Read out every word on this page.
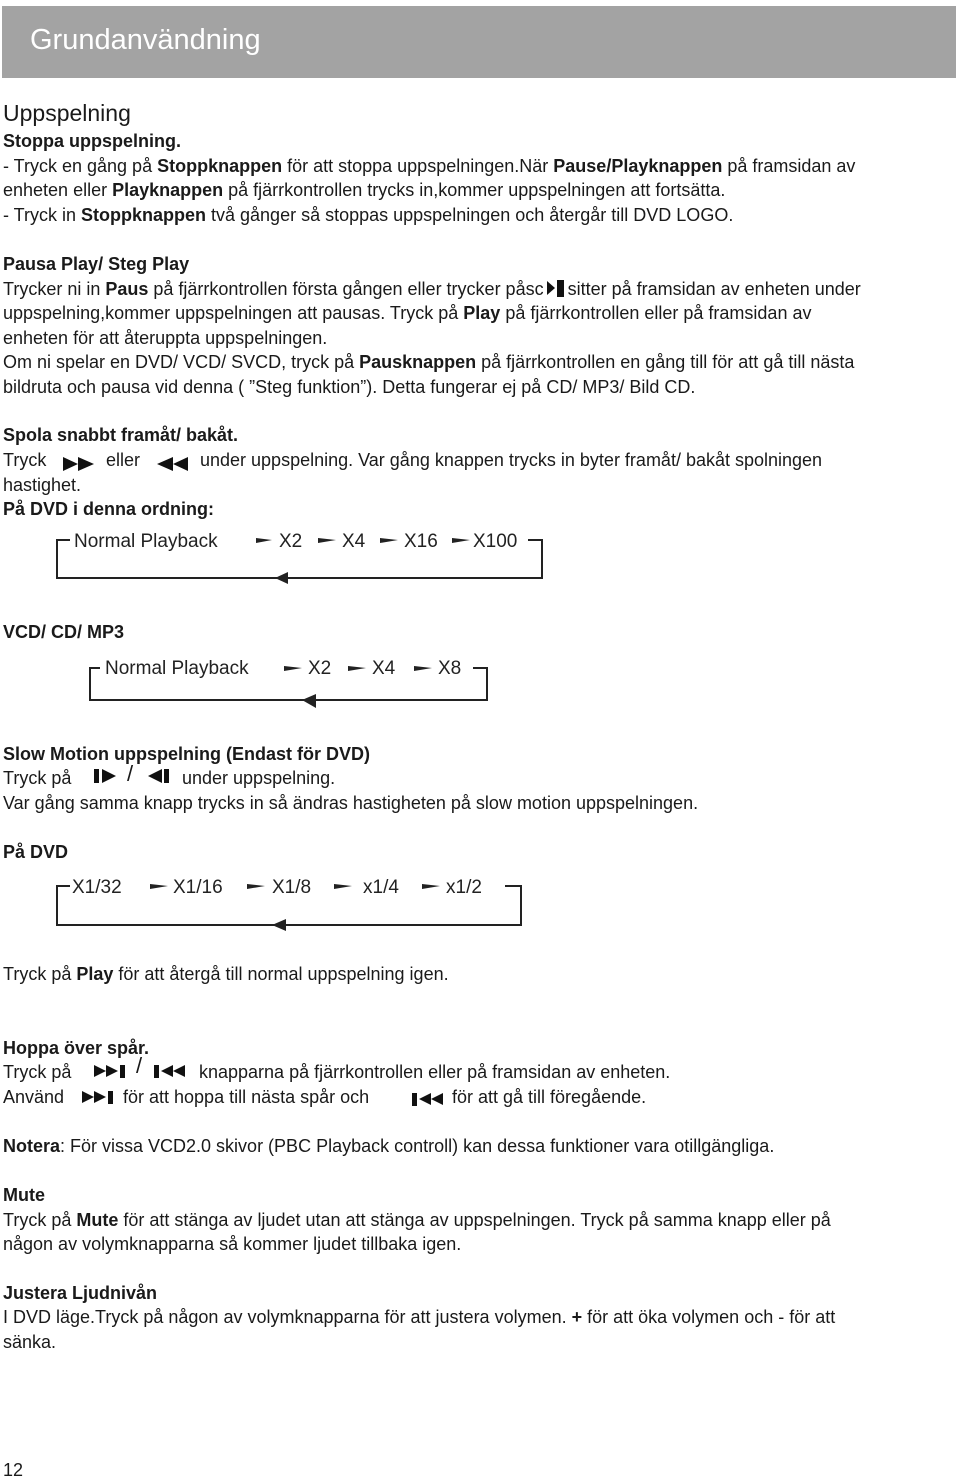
Grundanvändning
Uppspelning
Stoppa uppspelning.
- Tryck en gång på Stoppknappen för att stoppa uppspelningen.När Pause/Playknappen på framsidan av
enheten eller Playknappen på fjärrkontrollen trycks in,kommer uppspelningen att fortsätta.
- Tryck in Stoppknappen två gånger så stoppas uppspelningen och återgår till DVD LOGO.
Pausa Play/ Steg Play
Trycker ni in Paus på fjärrkontrollen första gången eller trycker påsc sitter på framsidan av enheten under
uppspelning,kommer uppspelningen att pausas. Tryck på Play på fjärrkontrollen eller på framsidan av
enheten för att återuppta uppspelningen.
Om ni spelar en DVD/ VCD/ SVCD, tryck på Pausknappen på fjärrkontrollen en gång till för att gå till nästa
bildruta och pausa vid denna ( ”Steg funktion”). Detta fungerar ej på CD/ MP3/ Bild CD.
Spola snabbt framåt/ bakåt.
Tryck	eller	under uppspelning. Var gång knappen trycks in byter framåt/ bakåt spolningen
hastighet.
På DVD i denna ordning:
Normal Playback	X2 X4 X16 X100
VCD/ CD/ MP3
Normal Playback	X2 X4 X8
Slow Motion uppspelning (Endast för DVD)
Tryck på	/	under uppspelning.
Var gång samma knapp trycks in så ändras hastigheten på slow motion uppspelningen.
På DVD
X1/32	X1/16	X1/8	x1/4 x1/2
Tryck på Play för att återgå till normal uppspelning igen.
Hoppa över spår.
Tryck på	/	knapparna på fjärrkontrollen eller på framsidan av enheten.
Använd	för att hoppa till nästa spår och	för att gå till föregående.
Notera: För vissa VCD2.0 skivor (PBC Playback controll) kan dessa funktioner vara otillgängliga.
Mute
Tryck på Mute för att stänga av ljudet utan att stänga av uppspelningen. Tryck på samma knapp eller på
någon av volymknapparna så kommer ljudet tillbaka igen.
Justera Ljudnivån
I DVD läge.Tryck på någon av volymknapparna för att justera volymen. + för att öka volymen och - för att
sänka.
12
